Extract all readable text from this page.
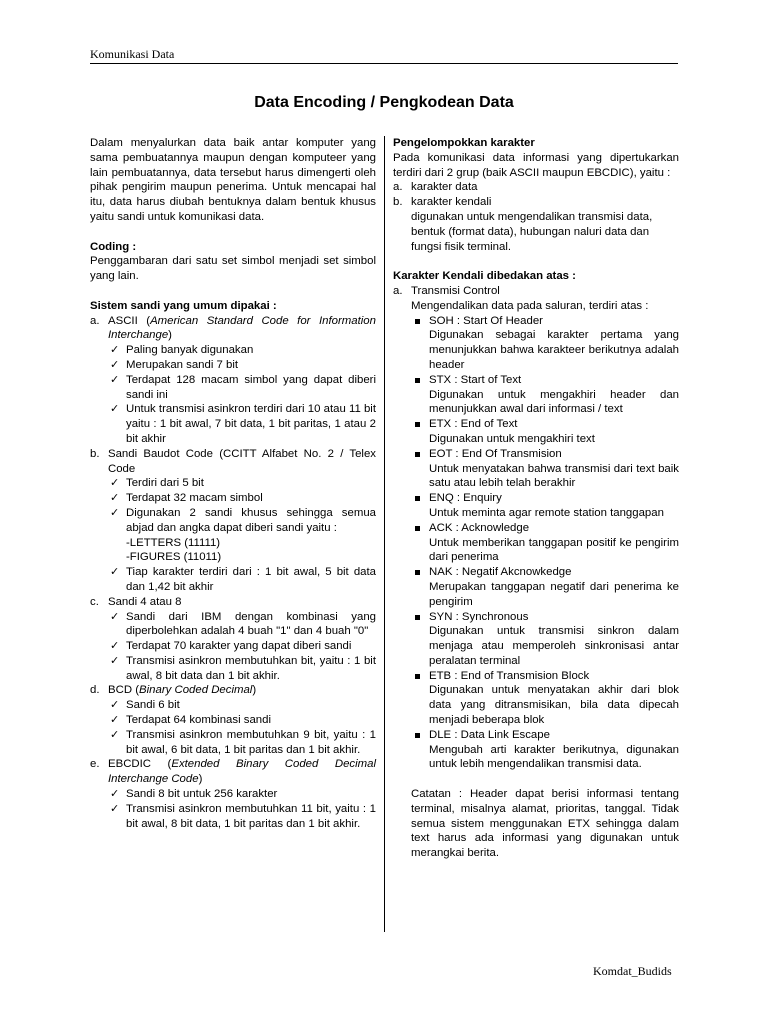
Komunikasi Data
Data Encoding / Pengkodean Data
Dalam menyalurkan data baik antar komputer yang sama pembuatannya maupun dengan komputeer yang lain pembuatannya, data tersebut harus dimengerti oleh pihak pengirim maupun penerima. Untuk mencapai hal itu, data harus diubah bentuknya dalam bentuk khusus yaitu sandi untuk komunikasi data.
Coding :
Penggambaran dari satu set simbol menjadi set simbol yang lain.
Sistem sandi yang umum dipakai :
a. ASCII (American Standard Code for Information Interchange)
✓ Paling banyak digunakan
✓ Merupakan sandi 7 bit
✓ Terdapat 128 macam simbol yang dapat diberi sandi ini
✓ Untuk transmisi asinkron terdiri dari 10 atau 11 bit yaitu : 1 bit awal, 7 bit data, 1 bit paritas, 1 atau 2 bit akhir
b. Sandi Baudot Code (CCITT Alfabet No. 2 / Telex Code
✓ Terdiri dari 5 bit
✓ Terdapat 32 macam simbol
✓ Digunakan 2 sandi khusus sehingga semua abjad dan angka dapat diberi sandi yaitu :
-LETTERS (11111)
-FIGURES (11011)
✓ Tiap karakter terdiri dari : 1 bit awal, 5 bit data dan 1,42 bit akhir
c. Sandi 4 atau 8
✓ Sandi dari IBM dengan kombinasi yang diperbolehkan adalah 4 buah "1" dan 4 buah "0"
✓ Terdapat 70 karakter yang dapat diberi sandi
✓ Transmisi asinkron membutuhkan bit, yaitu : 1 bit awal, 8 bit data dan 1 bit akhir.
d. BCD (Binary Coded Decimal)
✓ Sandi 6 bit
✓ Terdapat 64 kombinasi sandi
✓ Transmisi asinkron membutuhkan 9 bit, yaitu : 1 bit awal, 6 bit data, 1 bit paritas dan 1 bit akhir.
e. EBCDIC (Extended Binary Coded Decimal Interchange Code)
✓ Sandi 8 bit untuk 256 karakter
✓ Transmisi asinkron membutuhkan 11 bit, yaitu : 1 bit awal, 8 bit data, 1 bit paritas dan 1 bit akhir.
Pengelompokkan karakter
Pada komunikasi data informasi yang dipertukarkan terdiri dari 2 grup (baik ASCII maupun EBCDIC), yaitu :
a. karakter data
b. karakter kendali
digunakan untuk mengendalikan transmisi data, bentuk (format data), hubungan naluri data dan fungsi fisik terminal.
Karakter Kendali dibedakan atas :
a. Transmisi Control
Mengendalikan data pada saluran, terdiri atas :
SOH : Start Of Header
Digunakan sebagai karakter pertama yang menunjukkan bahwa karakteer berikutnya adalah header
STX : Start of Text
Digunakan untuk mengakhiri header dan menunjukkan awal dari informasi / text
ETX : End of Text
Digunakan untuk mengakhiri text
EOT : End Of Transmision
Untuk menyatakan bahwa transmisi dari text baik satu atau lebih telah berakhir
ENQ : Enquiry
Untuk meminta agar remote station tanggapan
ACK : Acknowledge
Untuk memberikan tanggapan positif ke pengirim dari penerima
NAK : Negatif Akcnowkedge
Merupakan tanggapan negatif dari penerima ke pengirim
SYN : Synchronous
Digunakan untuk transmisi sinkron dalam menjaga atau memperoleh sinkronisasi antar peralatan terminal
ETB : End of Transmision Block
Digunakan untuk menyatakan akhir dari blok data yang ditransmisikan, bila data dipecah menjadi beberapa blok
DLE : Data Link Escape
Mengubah arti karakter berikutnya, digunakan untuk lebih mengendalikan transmisi data.
Catatan : Header dapat berisi informasi tentang terminal, misalnya alamat, prioritas, tanggal. Tidak semua sistem menggunakan ETX sehingga dalam text harus ada informasi yang digunakan untuk merangkai berita.
Komdat_Budids
